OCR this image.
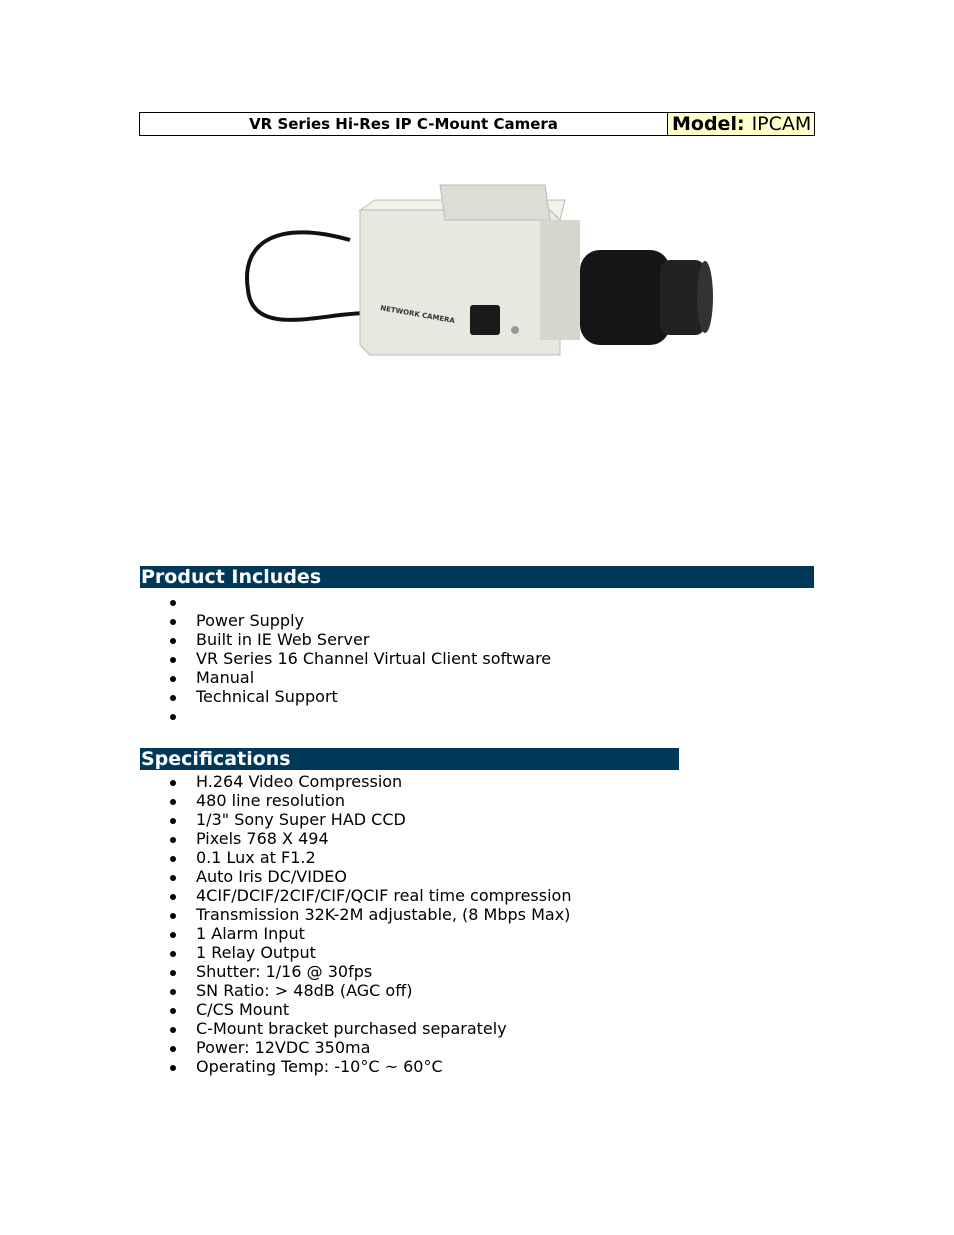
VR Series Hi-Res IP C-Mount Camera	Model: IPCAM
NETWORK CAMERA
Product Includes
Power Supply
Built in IE Web Server
VR Series 16 Channel Virtual Client software
Manual
Technical Support
Specifications
H.264 Video Compression
480 line resolution
1/3" Sony Super HAD CCD
Pixels 768 X 494
0.1 Lux at F1.2
Auto Iris DC/VIDEO
4CIF/DCIF/2CIF/CIF/QCIF real time compression
Transmission 32K-2M adjustable, (8 Mbps Max)
1 Alarm Input
1 Relay Output
Shutter: 1/16 @ 30fps
SN Ratio: > 48dB (AGC off)
C/CS Mount
C-Mount bracket purchased separately
Power: 12VDC 350ma
Operating Temp: -10°C ~ 60°C
